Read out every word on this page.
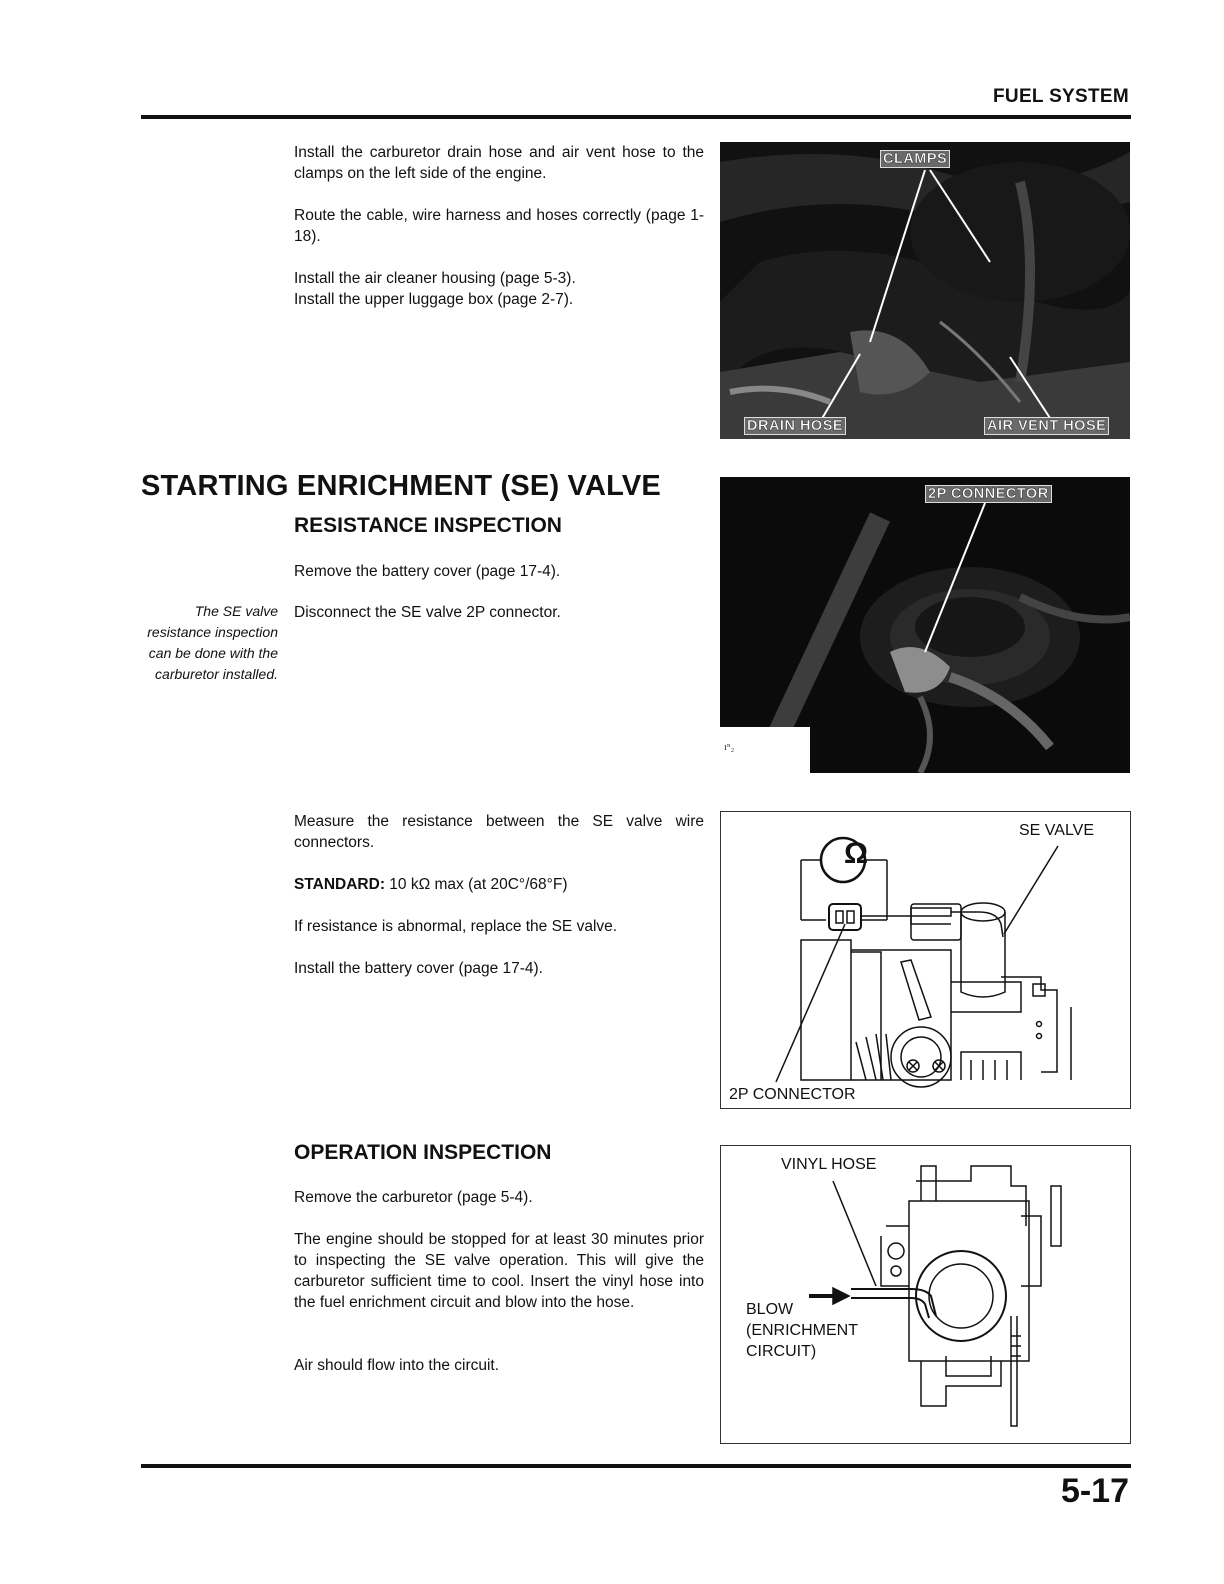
FUEL SYSTEM

Install the carburetor drain hose and air vent hose to the clamps on the left side of the engine.

Route the cable, wire harness and hoses correctly (page 1-18).

Install the air cleaner housing (page 5-3).

Install the upper luggage box (page 2-7).

CLAMPS
DRAIN HOSE	AIR VENT HOSE
STARTING ENRICHMENT (SE) VALVE
RESISTANCE INSPECTION
Remove the battery cover (page 17-4).
The SE valve resistance inspection can be done with the carburetor installed.
Disconnect the SE valve 2P connector.
ıⁿ₂
2P CONNECTOR
Measure the resistance between the SE valve wire connectors.
STANDARD: 10 kΩ max (at 20C°/68°F)
If resistance is abnormal, replace the SE valve.
Install the battery cover (page 17-4).
Ω
SE VALVE
2P CONNECTOR
OPERATION INSPECTION
Remove the carburetor (page 5-4).
The engine should be stopped for at least 30 minutes prior to inspecting the SE valve operation. This will give the carburetor sufficient time to cool. Insert the vinyl hose into the fuel enrichment circuit and blow into the hose.
Air should flow into the circuit.
VINYL HOSE
BLOW
(ENRICHMENT
CIRCUIT)
5-17
